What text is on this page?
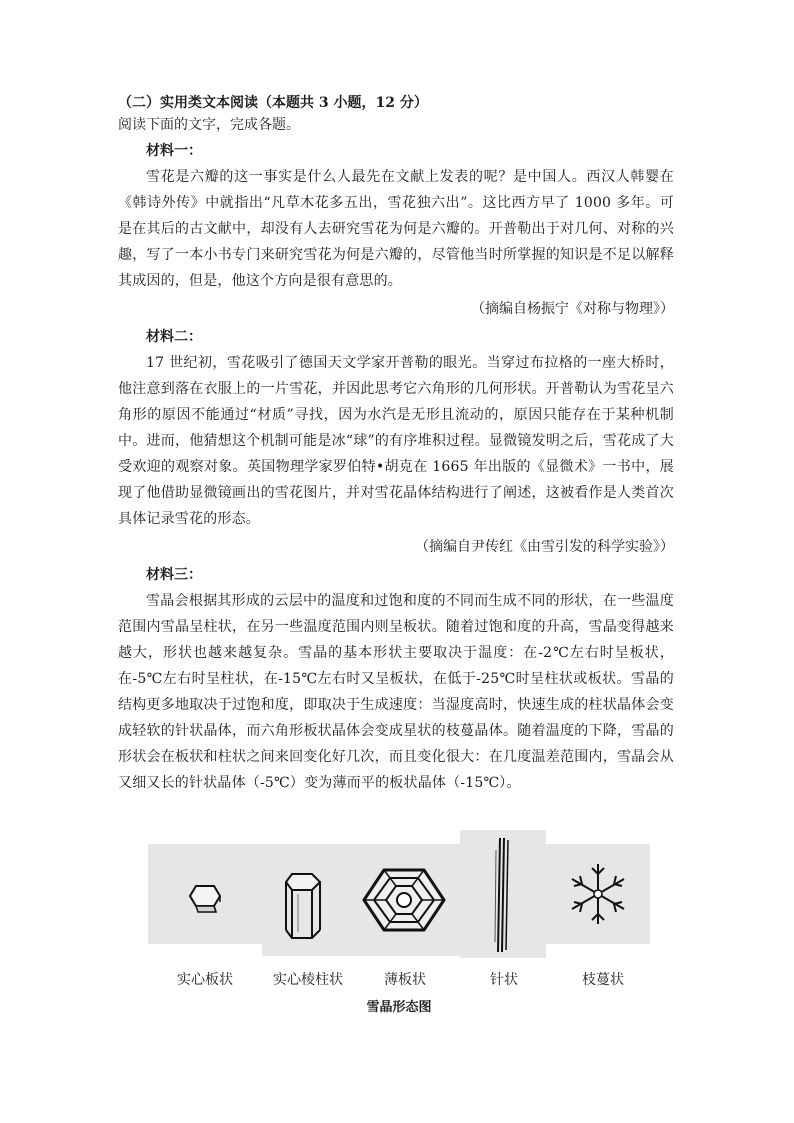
（二）实用类文本阅读（本题共 3 小题，12 分）

阅读下面的文字，完成各题。

材料一：

雪花是六瓣的这一事实是什么人最先在文献上发表的呢？是中国人。西汉人韩婴在《韩诗外传》中就指出“凡草木花多五出，雪花独六出”。这比西方早了 1000 多年。可是在其后的古文献中，却没有人去研究雪花为何是六瓣的。开普勒出于对几何、对称的兴趣，写了一本小书专门来研究雪花为何是六瓣的，尽管他当时所掌握的知识是不足以解释其成因的，但是，他这个方向是很有意思的。

（摘编自杨振宁《对称与物理》）

材料二：

17 世纪初，雪花吸引了德国天文学家开普勒的眼光。当穿过布拉格的一座大桥时，他注意到落在衣服上的一片雪花，并因此思考它六角形的几何形状。开普勒认为雪花呈六角形的原因不能通过“材质”寻找，因为水汽是无形且流动的，原因只能存在于某种机制中。进而，他猜想这个机制可能是冰“球”的有序堆积过程。显微镜发明之后，雪花成了大受欢迎的观察对象。英国物理学家罗伯特•胡克在 1665 年出版的《显微术》一书中，展现了他借助显微镜画出的雪花图片，并对雪花晶体结构进行了阐述，这被看作是人类首次具体记录雪花的形态。

（摘编自尹传红《由雪引发的科学实验》）

材料三：

雪晶会根据其形成的云层中的温度和过饱和度的不同而生成不同的形状，在一些温度范围内雪晶呈柱状，在另一些温度范围内则呈板状。随着过饱和度的升高，雪晶变得越来越大，形状也越来越复杂。雪晶的基本形状主要取决于温度：在-2℃左右时呈板状，在-5℃左右时呈柱状，在-15℃左右时又呈板状，在低于-25℃时呈柱状或板状。雪晶的结构更多地取决于过饱和度，即取决于生成速度：当湿度高时，快速生成的柱状晶体会变成轻软的针状晶体，而六角形板状晶体会变成星状的枝蔓晶体。随着温度的下降，雪晶的形状会在板状和柱状之间来回变化好几次，而且变化很大：在几度温差范围内，雪晶会从又细又长的针状晶体（-5℃）变为薄而平的板状晶体（-15℃）。

实心板状	实心棱柱状	薄板状	针状	枝蔓状
雪晶形态图
